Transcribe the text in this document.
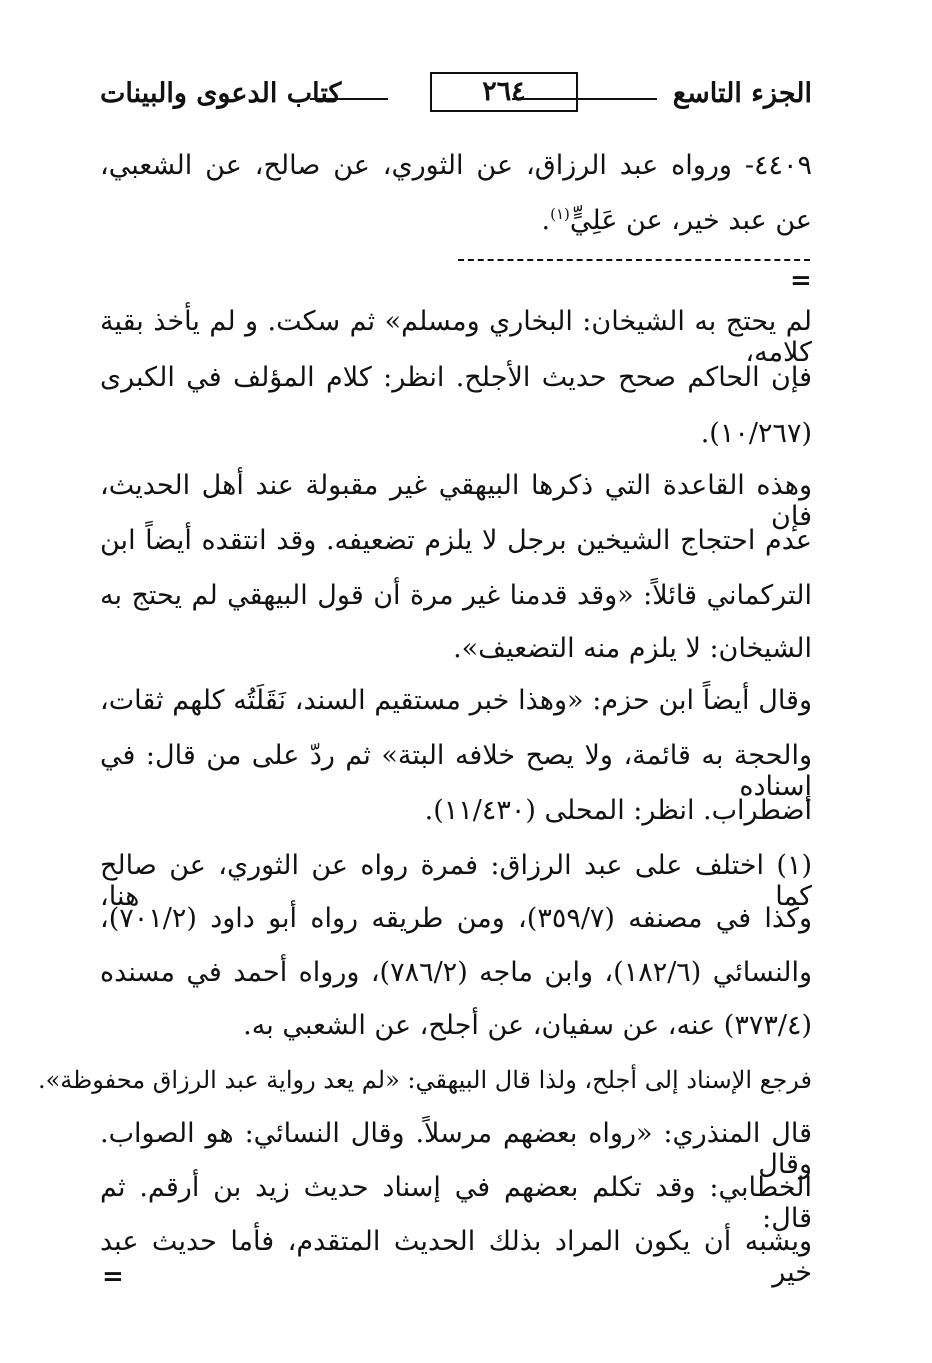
الجزء التاسع
٢٦٤
كتاب الدعوى والبينات
٤٤٠٩- ورواه عبد الرزاق، عن الثوري، عن صالح، عن الشعبي،
عن عبد خير، عن عَلِيٍّ$^{(١)}$.
=
لم يحتج به الشيخان: البخاري ومسلم» ثم سكت. و لم يأخذ بقية كلامه،
فإن الحاكم صحح حديث الأجلح. انظر: كلام المؤلف في الكبرى
(١٠/٢٦٧).
وهذه القاعدة التي ذكرها البيهقي غير مقبولة عند أهل الحديث، فإن
عدم احتجاج الشيخين برجل لا يلزم تضعيفه. وقد انتقده أيضاً ابن
التركماني قائلاً: «وقد قدمنا غير مرة أن قول البيهقي لم يحتج به
الشيخان: لا يلزم منه التضعيف».
وقال أيضاً ابن حزم: «وهذا خبر مستقيم السند، نَقَلَتُه كلهم ثقات،
والحجة به قائمة، ولا يصح خلافه البتة» ثم ردّ على من قال: في إسناده
اضطراب. انظر: المحلى (١١/٤٣٠).
(١) اختلف على عبد الرزاق: فمرة رواه عن الثوري، عن صالح كما هنا،
وكذا في مصنفه (٣٥٩/٧)، ومن طريقه رواه أبو داود (٧٠١/٢)،
والنسائي (١٨٢/٦)، وابن ماجه (٧٨٦/٢)، ورواه أحمد في مسنده
(٣٧٣/٤) عنه، عن سفيان، عن أجلح، عن الشعبي به.
فرجع الإسناد إلى أجلح، ولذا قال البيهقي: «لم يعد رواية عبد الرزاق محفوظة».
قال المنذري: «رواه بعضهم مرسلاً. وقال النسائي: هو الصواب. وقال
الخطابي: وقد تكلم بعضهم في إسناد حديث زيد بن أرقم. ثم قال:
ويشبه أن يكون المراد بذلك الحديث المتقدم، فأما حديث عبد خير
=
